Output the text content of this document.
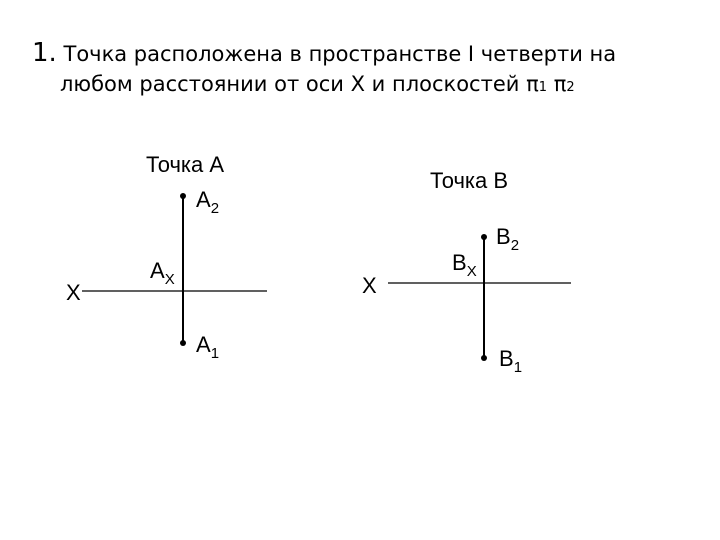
1. Точка расположена в пространстве I четверти на
любом расстоянии от оси X и плоскостей π1 π2
Точка А
X
$A_2$
$A_X$
$A_1$
Точка В
X
$B_2$
$B_X$
$B_1$
